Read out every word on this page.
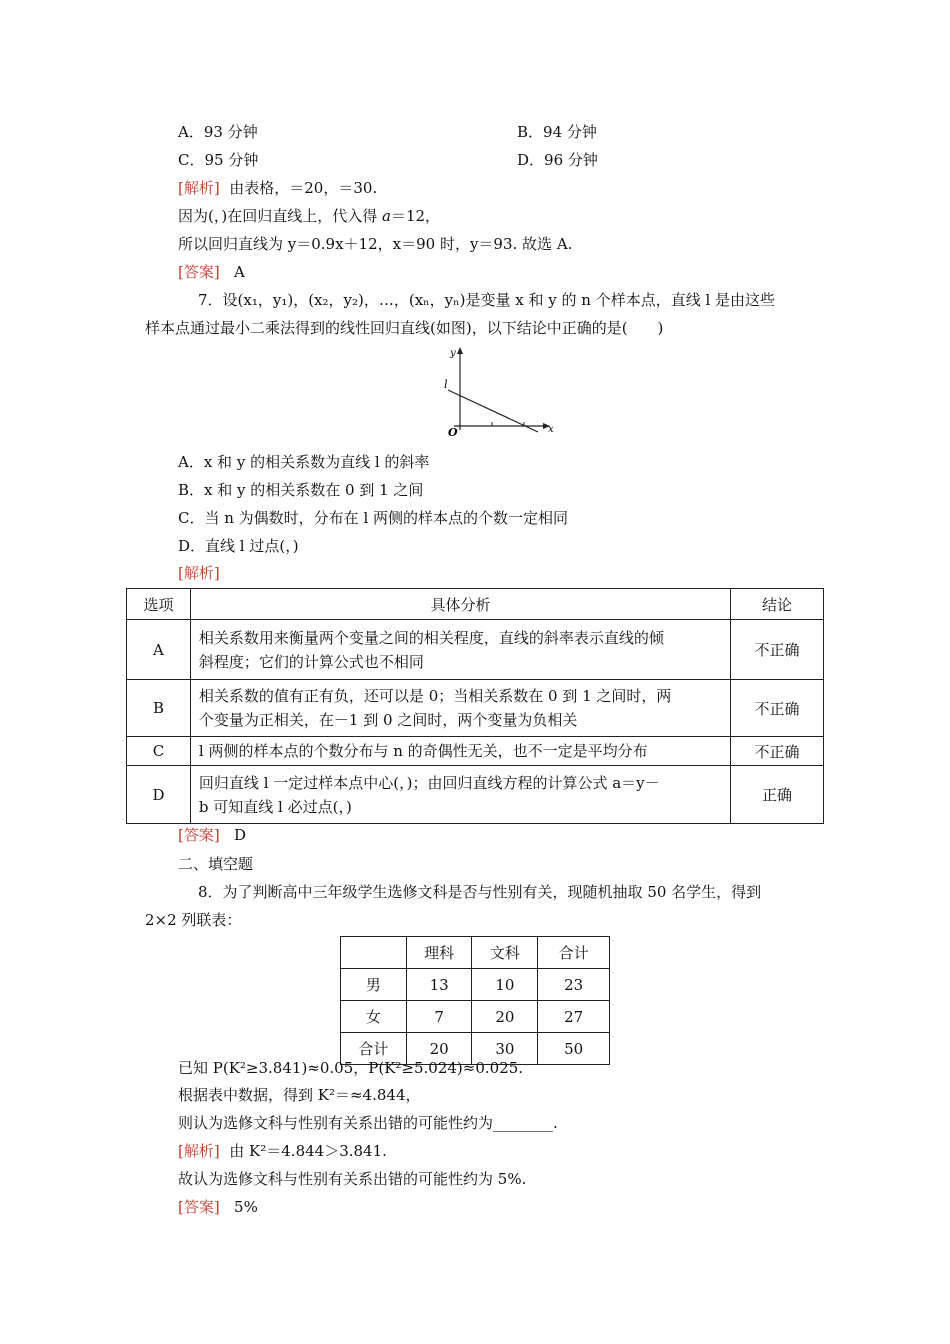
A．93 分钟	B．94 分钟
C．95 分钟	D．96 分钟
[解析] 由表格，＝20，＝30.
因为(，)在回归直线上，代入得 a＝12，
所以回归直线为 y＝0.9x＋12，x＝90 时，y＝93. 故选 A.
[答案] A
7．设(x₁，y₁)，(x₂，y₂)，…，(xₙ，yₙ)是变量 x 和 y 的 n 个样本点，直线 l 是由这些
样本点通过最小二乘法得到的线性回归直线(如图)，以下结论中正确的是(　　)
y
x
O
l
A．x 和 y 的相关系数为直线 l 的斜率
B．x 和 y 的相关系数在 0 到 1 之间
C．当 n 为偶数时，分布在 l 两侧的样本点的个数一定相同
D．直线 l 过点(，)
[解析]
选项	具体分析	结论
A	相关系数用来衡量两个变量之间的相关程度，直线的斜率表示直线的倾
斜程度；它们的计算公式也不相同	不正确
B	相关系数的值有正有负，还可以是 0；当相关系数在 0 到 1 之间时，两
个变量为正相关，在－1 到 0 之间时，两个变量为负相关	不正确
C	l 两侧的样本点的个数分布与 n 的奇偶性无关，也不一定是平均分布	不正确
D	回归直线 l 一定过样本点中心(，)；由回归直线方程的计算公式 a＝y－
b 可知直线 l 必过点(，)	正确
[答案] D
二、填空题
8．为了判断高中三年级学生选修文科是否与性别有关，现随机抽取 50 名学生，得到
2×2 列联表：
	理科	文科	合计
男	13	10	23
女	7	20	27
合计	20	30	50
已知 P(K²≥3.841)≈0.05，P(K²≥5.024)≈0.025.
根据表中数据，得到 K²＝≈4.844，
则认为选修文科与性别有关系出错的可能性约为________.
[解析] 由 K²＝4.844＞3.841.
故认为选修文科与性别有关系出错的可能性约为 5%.
[答案] 5%
